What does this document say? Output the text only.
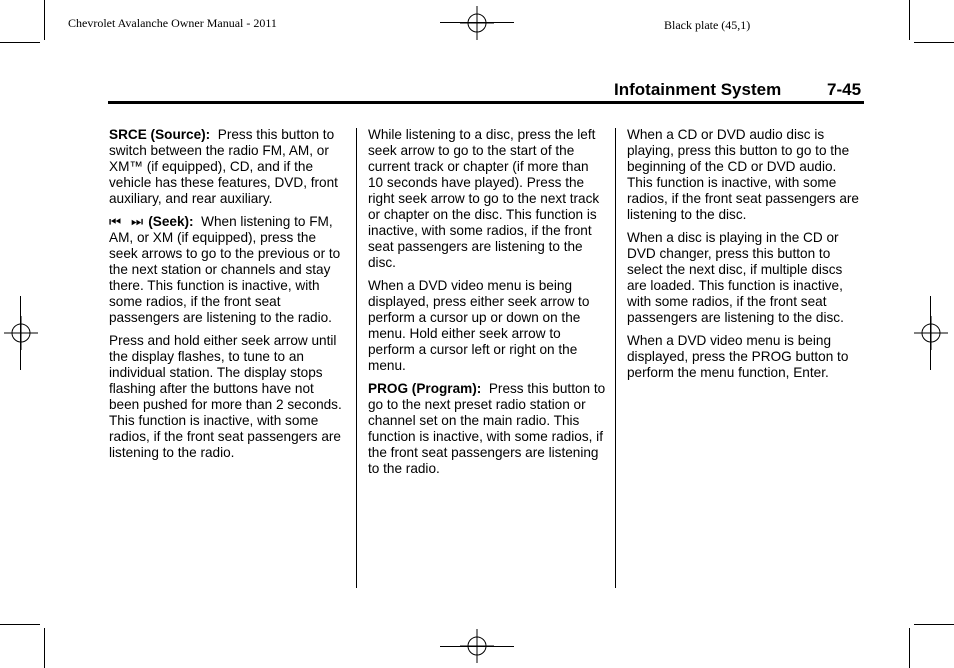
Chevrolet Avalanche Owner Manual - 2011	Black plate (45,1)
Infotainment System	7-45

SRCE (Source): Press this button to switch between the radio FM, AM, or XM™ (if equipped), CD, and if the vehicle has these features, DVD, front auxiliary, and rear auxiliary.

⏮ ⏭ (Seek): When listening to FM, AM, or XM (if equipped), press the seek arrows to go to the previous or to the next station or channels and stay there. This function is inactive, with some radios, if the front seat passengers are listening to the radio.

Press and hold either seek arrow until the display flashes, to tune to an individual station. The display stops flashing after the buttons have not been pushed for more than 2 seconds. This function is inactive, with some radios, if the front seat passengers are listening to the radio.

While listening to a disc, press the left seek arrow to go to the start of the current track or chapter (if more than 10 seconds have played). Press the right seek arrow to go to the next track or chapter on the disc. This function is inactive, with some radios, if the front seat passengers are listening to the disc.

When a DVD video menu is being displayed, press either seek arrow to perform a cursor up or down on the menu. Hold either seek arrow to perform a cursor left or right on the menu.

PROG (Program): Press this button to go to the next preset radio station or channel set on the main radio. This function is inactive, with some radios, if the front seat passengers are listening to the radio.

When a CD or DVD audio disc is playing, press this button to go to the beginning of the CD or DVD audio. This function is inactive, with some radios, if the front seat passengers are listening to the disc.

When a disc is playing in the CD or DVD changer, press this button to select the next disc, if multiple discs are loaded. This function is inactive, with some radios, if the front seat passengers are listening to the disc.

When a DVD video menu is being displayed, press the PROG button to perform the menu function, Enter.
